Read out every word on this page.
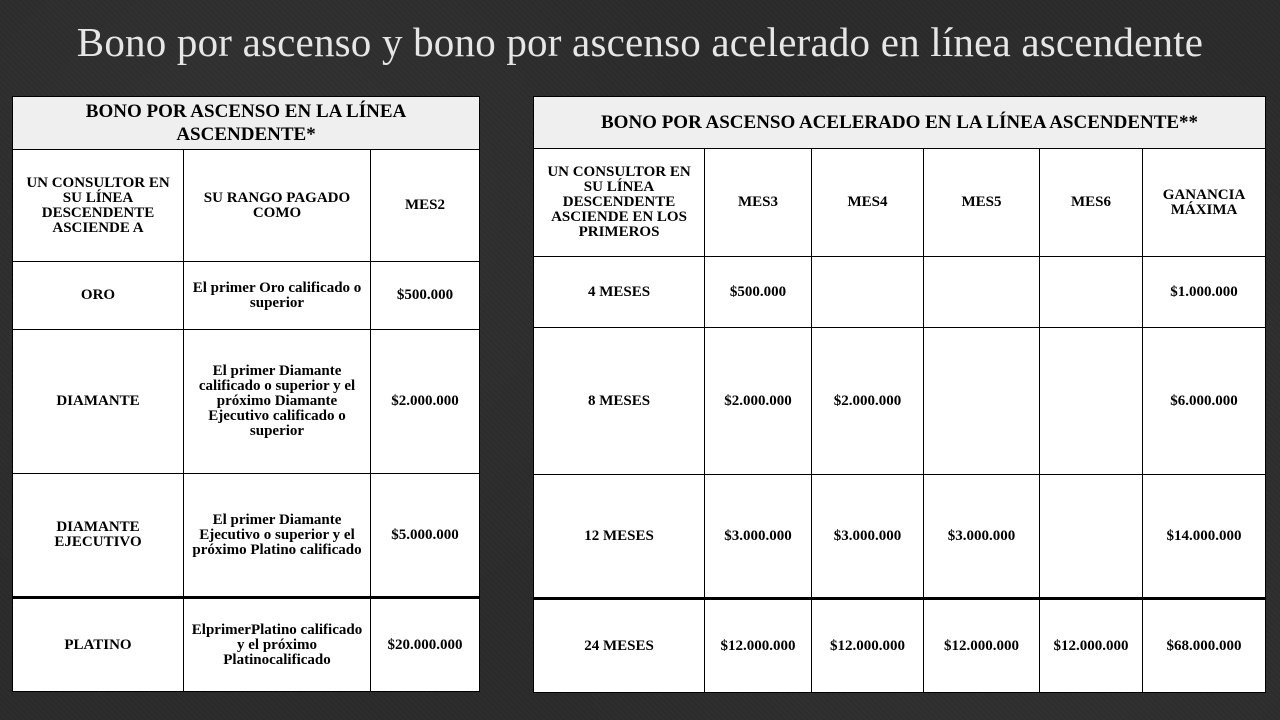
Bono por ascenso y bono por ascenso acelerado en línea ascendente
BONO POR ASCENSO EN LA LÍNEA ASCENDENTE*		
UN CONSULTOR EN SU LÍNEA DESCENDENTE ASCIENDE A	SU RANGO PAGADO COMO	MES2
ORO	El primer Oro calificado o superior	$500.000
DIAMANTE	El primer Diamante calificado o superior y el próximo Diamante Ejecutivo calificado o superior	$2.000.000
DIAMANTE EJECUTIVO	El primer Diamante Ejecutivo o superior y el próximo Platino calificado	$5.000.000
PLATINO	ElprimerPlatino calificado y el próximo Platinocalificado	$20.000.000
BONO POR ASCENSO ACELERADO EN LA LÍNEA ASCENDENTE**					
UN CONSULTOR EN SU LÍNEA DESCENDENTE ASCIENDE EN LOS PRIMEROS	MES3	MES4	MES5	MES6	GANANCIA MÁXIMA
4 MESES	$500.000				$1.000.000
8 MESES	$2.000.000	$2.000.000			$6.000.000
12 MESES	$3.000.000	$3.000.000	$3.000.000		$14.000.000
24 MESES	$12.000.000	$12.000.000	$12.000.000	$12.000.000	$68.000.000
